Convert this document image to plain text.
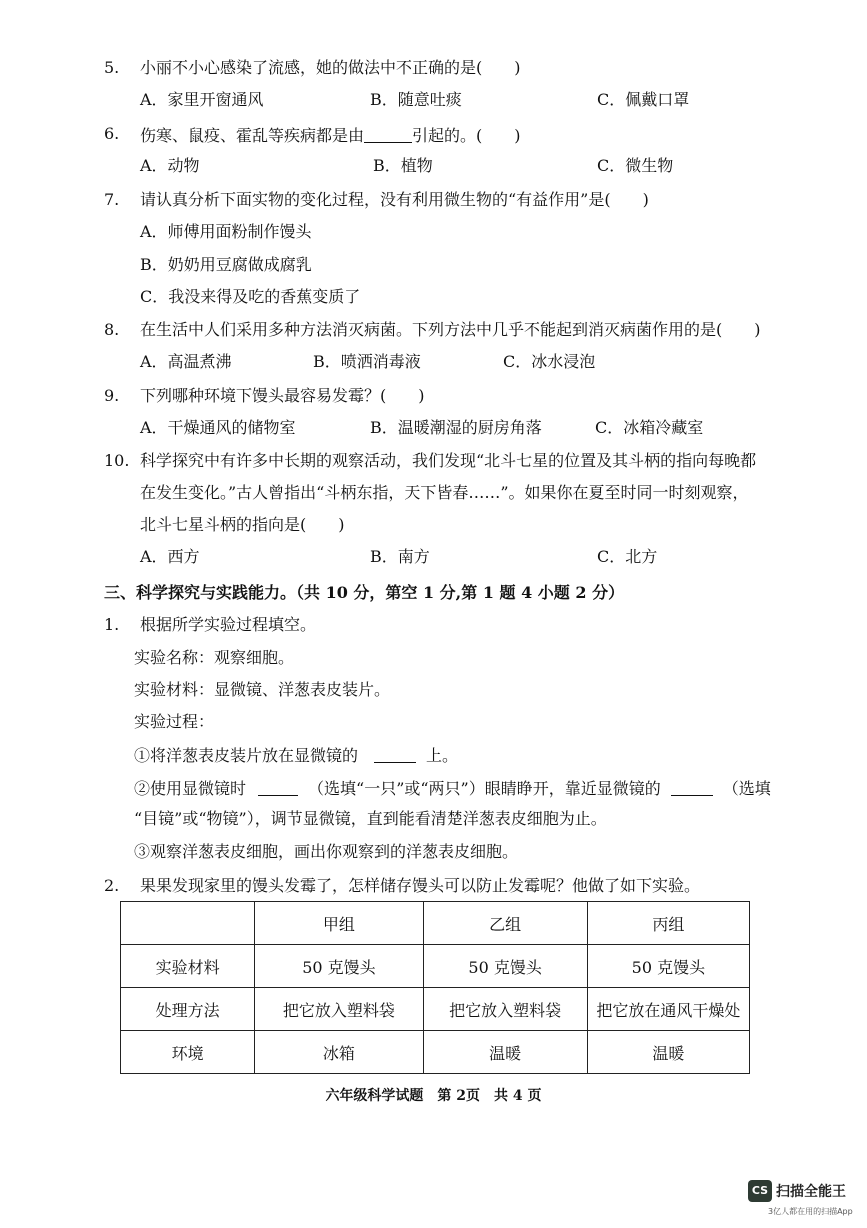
5. 小丽不小心感染了流感，她的做法中不正确的是(　　)
A．家里开窗通风	B．随意吐痰	C．佩戴口罩
6. 伤寒、鼠疫、霍乱等疾病都是由	引起的。(　　)
A．动物	B．植物	C．微生物
7. 请认真分析下面实物的变化过程，没有利用微生物的“有益作用”是(　　)
A．师傅用面粉制作馒头
B．奶奶用豆腐做成腐乳
C．我没来得及吃的香蕉变质了
8. 在生活中人们采用多种方法消灭病菌。下列方法中几乎不能起到消灭病菌作用的是(　　)
A．高温煮沸	B．喷洒消毒液	C．冰水浸泡
9. 下列哪种环境下馒头最容易发霉？(　　)
A．干燥通风的储物室	B．温暖潮湿的厨房角落	C．冰箱冷藏室
10. 科学探究中有许多中长期的观察活动，我们发现“北斗七星的位置及其斗柄的指向每晚都
在发生变化。”古人曾指出“斗柄东指，天下皆春……”。如果你在夏至时同一时刻观察，
北斗七星斗柄的指向是(　　)
A．西方	B．南方	C．北方
三、科学探究与实践能力。（共 10 分，第空 1 分,第 1 题 4 小题 2 分）
1. 根据所学实验过程填空。
实验名称：观察细胞。
实验材料：显微镜、洋葱表皮装片。
实验过程：
①将洋葱表皮装片放在显微镜的	上。
②使用显微镜时	（选填“一只”或“两只”）眼睛睁开，靠近显微镜的	（选填
“目镜”或“物镜”），调节显微镜，直到能看清楚洋葱表皮细胞为止。
③观察洋葱表皮细胞，画出你观察到的洋葱表皮细胞。
2. 果果发现家里的馒头发霉了，怎样储存馒头可以防止发霉呢？他做了如下实验。
	甲组	乙组	丙组
实验材料	50 克馒头	50 克馒头	50 克馒头
处理方法	把它放入塑料袋	把它放入塑料袋	把它放在通风干燥处
环境	冰箱	温暖	温暖
六年级科学试题　第 2页　共 4 页
CS 扫描全能王
3亿人都在用的扫描App
